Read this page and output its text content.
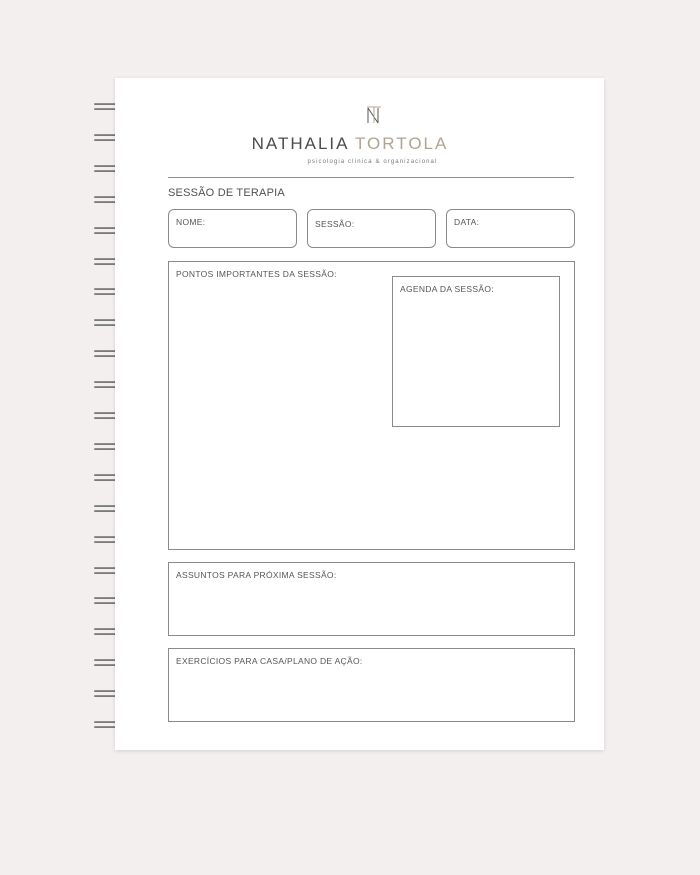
NATHALIA TORTOLA
psicologia clínica & organizacional
SESSÃO DE TERAPIA
NOME:	SESSÃO:	DATA:
PONTOS IMPORTANTES DA SESSÃO:
AGENDA DA SESSÃO:
ASSUNTOS PARA PRÓXIMA SESSÃO:
EXERCÍCIOS PARA CASA/PLANO DE AÇÃO:
